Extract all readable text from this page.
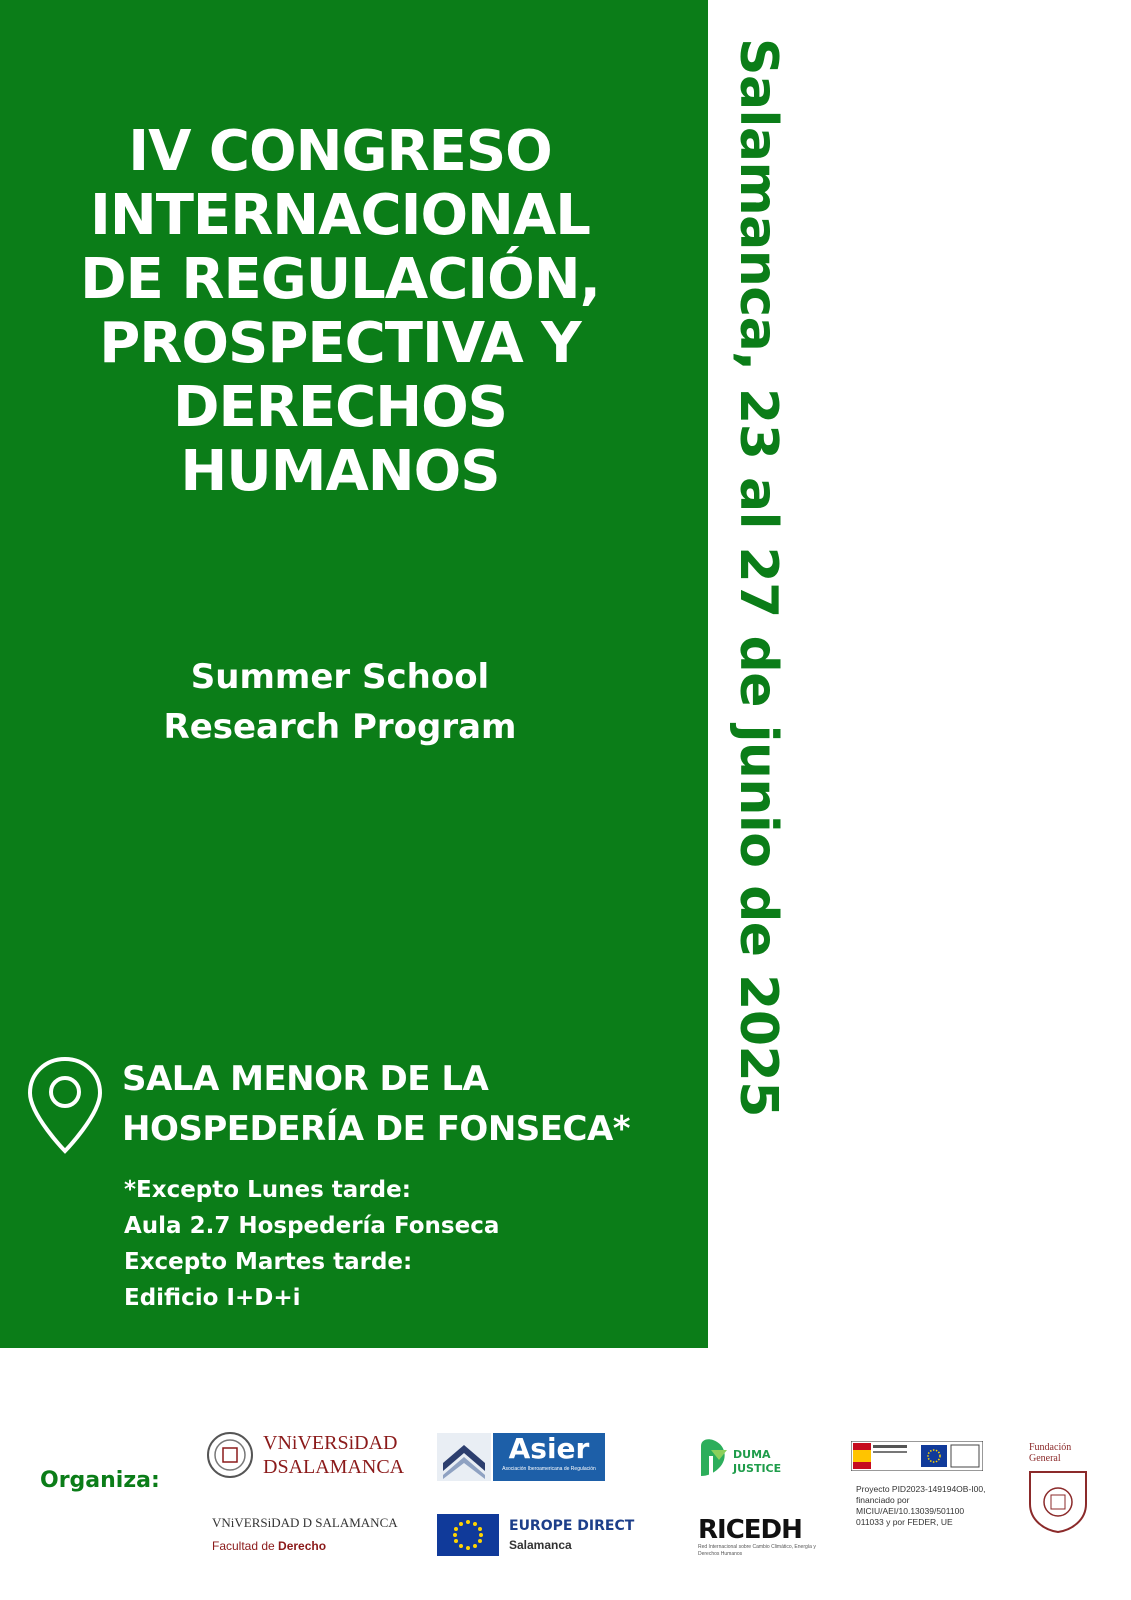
IV CONGRESO
INTERNACIONAL
DE REGULACIÓN,
PROSPECTIVA Y
DERECHOS
HUMANOS
Summer School
Research Program
SALA MENOR DE LA
HOSPEDERÍA DE FONSECA*
*Excepto Lunes tarde:
Aula 2.7 Hospedería Fonseca
Excepto Martes tarde:
Edificio I+D+i
Salamanca, 23 al 27 de junio de 2025
Organiza:
VNiVERSiDAD
DSALAMANCA
VNiVERSiDAD D SALAMANCA
Facultad de Derecho
Asier
Asociación Iberoamericana de Regulación
EUROPE DIRECT
Salamanca
DUMA
JUSTICE
RICEDH
Red Internacional sobre Cambio Climático, Energía y Derechos Humanos
Proyecto PID2023-149194OB-I00, financiado por MICIU/AEI/10.13039/501100 011033 y por FEDER, UE
Fundación
General
